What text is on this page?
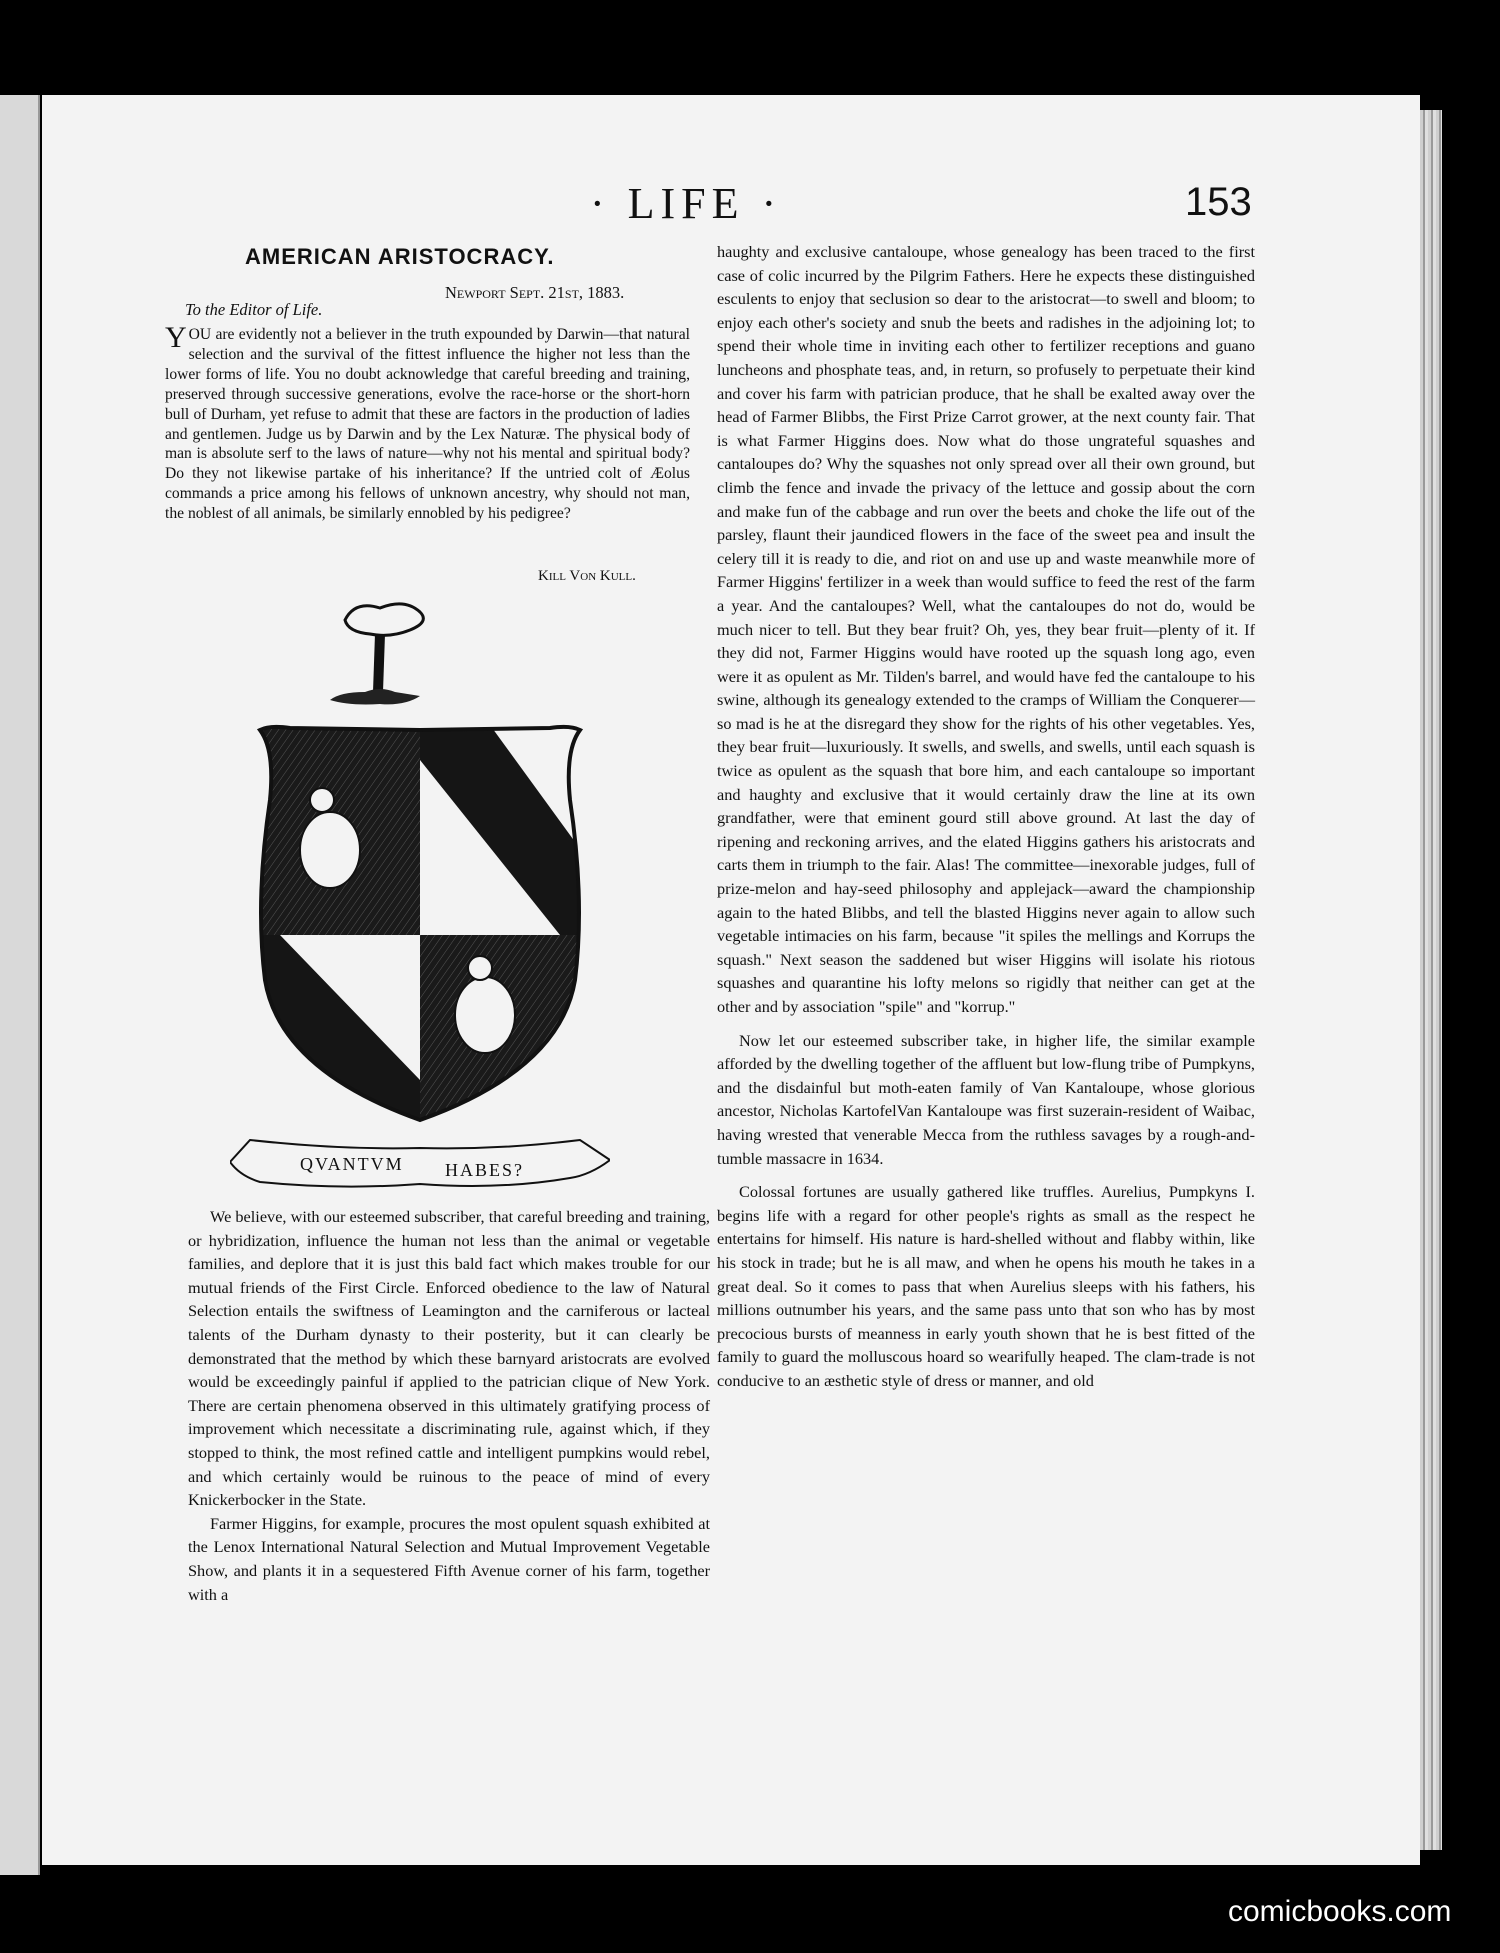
· LIFE ·	153
AMERICAN ARISTOCRACY.
Newport Sept. 21st, 1883.
To the Editor of Life.
YOU are evidently not a believer in the truth expounded by Darwin—that natural selection and the survival of the fittest influence the higher not less than the lower forms of life. You no doubt acknowledge that careful breeding and training, preserved through successive generations, evolve the race-horse or the short-horn bull of Durham, yet refuse to admit that these are factors in the production of ladies and gentlemen. Judge us by Darwin and by the Lex Naturæ. The physical body of man is absolute serf to the laws of nature—why not his mental and spiritual body? Do they not likewise partake of his inheritance? If the untried colt of Æolus commands a price among his fellows of unknown ancestry, why should not man, the noblest of all animals, be similarly ennobled by his pedigree?
Kill Von Kull.
QVANTVM HABES?

We believe, with our esteemed subscriber, that careful breeding and training, or hybridization, influence the human not less than the animal or vegetable families, and deplore that it is just this bald fact which makes trouble for our mutual friends of the First Circle. Enforced obedience to the law of Natural Selection entails the swiftness of Leamington and the carniferous or lacteal talents of the Durham dynasty to their posterity, but it can clearly be demonstrated that the method by which these barnyard aristocrats are evolved would be exceedingly painful if applied to the patrician clique of New York. There are certain phenomena observed in this ultimately gratifying process of improvement which necessitate a discriminating rule, against which, if they stopped to think, the most refined cattle and intelligent pumpkins would rebel, and which certainly would be ruinous to the peace of mind of every Knickerbocker in the State.

Farmer Higgins, for example, procures the most opulent squash exhibited at the Lenox International Natural Selection and Mutual Improvement Vegetable Show, and plants it in a sequestered Fifth Avenue corner of his farm, together with a

haughty and exclusive cantaloupe, whose genealogy has been traced to the first case of colic incurred by the Pilgrim Fathers. Here he expects these distinguished esculents to enjoy that seclusion so dear to the aristocrat—to swell and bloom; to enjoy each other's society and snub the beets and radishes in the adjoining lot; to spend their whole time in inviting each other to fertilizer receptions and guano luncheons and phosphate teas, and, in return, so profusely to perpetuate their kind and cover his farm with patrician produce, that he shall be exalted away over the head of Farmer Blibbs, the First Prize Carrot grower, at the next county fair. That is what Farmer Higgins does. Now what do those ungrateful squashes and cantaloupes do? Why the squashes not only spread over all their own ground, but climb the fence and invade the privacy of the lettuce and gossip about the corn and make fun of the cabbage and run over the beets and choke the life out of the parsley, flaunt their jaundiced flowers in the face of the sweet pea and insult the celery till it is ready to die, and riot on and use up and waste meanwhile more of Farmer Higgins' fertilizer in a week than would suffice to feed the rest of the farm a year. And the cantaloupes? Well, what the cantaloupes do not do, would be much nicer to tell. But they bear fruit? Oh, yes, they bear fruit—plenty of it. If they did not, Farmer Higgins would have rooted up the squash long ago, even were it as opulent as Mr. Tilden's barrel, and would have fed the cantaloupe to his swine, although its genealogy extended to the cramps of William the Conquerer—so mad is he at the disregard they show for the rights of his other vegetables. Yes, they bear fruit—luxuriously. It swells, and swells, and swells, until each squash is twice as opulent as the squash that bore him, and each cantaloupe so important and haughty and exclusive that it would certainly draw the line at its own grandfather, were that eminent gourd still above ground. At last the day of ripening and reckoning arrives, and the elated Higgins gathers his aristocrats and carts them in triumph to the fair. Alas! The committee—inexorable judges, full of prize-melon and hay-seed philosophy and applejack—award the championship again to the hated Blibbs, and tell the blasted Higgins never again to allow such vegetable intimacies on his farm, because "it spiles the mellings and Korrups the squash." Next season the saddened but wiser Higgins will isolate his riotous squashes and quarantine his lofty melons so rigidly that neither can get at the other and by association "spile" and "korrup."

Now let our esteemed subscriber take, in higher life, the similar example afforded by the dwelling together of the affluent but low-flung tribe of Pumpkyns, and the disdainful but moth-eaten family of Van Kantaloupe, whose glorious ancestor, Nicholas KartofelVan Kantaloupe was first suzerain-resident of Waibac, having wrested that venerable Mecca from the ruthless savages by a rough-and-tumble massacre in 1634.

Colossal fortunes are usually gathered like truffles. Aurelius, Pumpkyns I. begins life with a regard for other people's rights as small as the respect he entertains for himself. His nature is hard-shelled without and flabby within, like his stock in trade; but he is all maw, and when he opens his mouth he takes in a great deal. So it comes to pass that when Aurelius sleeps with his fathers, his millions outnumber his years, and the same pass unto that son who has by most precocious bursts of meanness in early youth shown that he is best fitted of the family to guard the molluscous hoard so wearifully heaped. The clam-trade is not conducive to an æsthetic style of dress or manner, and old

comicbooks.com
